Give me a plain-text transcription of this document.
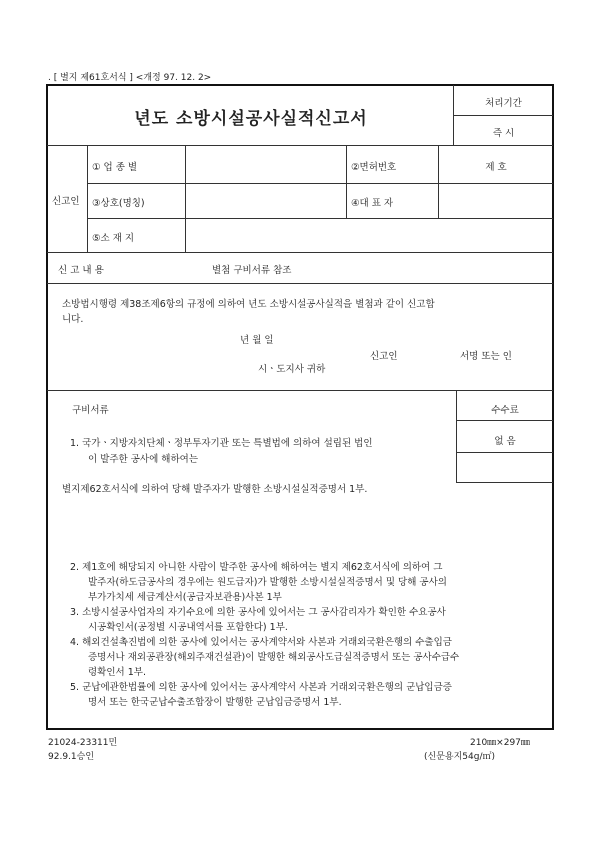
. [ 별지 제61호서식 ] <개정 97. 12. 2>
년도 소방시설공사실적신고서
처리기간
즉 시
신고인
① 업 종 별	②면허번호	제 호
③상호(명칭)	④대 표 자
⑤소 재 지
신 고 내 용	별첨 구비서류 참조
소방법시행령 제38조제6항의 규정에 의하여 년도 소방시설공사실적을 별첨과 같이 신고합
니다.
년 월 일
신고인	서명 또는 인
시ㆍ도지사 귀하
구비서류	수수료
없 음
1. 국가ㆍ지방자치단체ㆍ정부투자기관 또는 특별법에 의하여 설립된 법인
이 발주한 공사에 해하여는
별지제62호서식에 의하여 당해 발주자가 발행한 소방시설실적증명서 1부.
2. 제1호에 해당되지 아니한 사람이 발주한 공사에 해하여는 별지 제62호서식에 의하여 그
발주자(하도급공사의 경우에는 원도급자)가 발행한 소방시설실적증명서 및 당해 공사의
부가가치세 세금계산서(공급자보관용)사본 1부
3. 소방시설공사업자의 자기수요에 의한 공사에 있어서는 그 공사감리자가 확인한 수요공사
시공확인서(공정별 시공내역서를 포함한다) 1부.
4. 해외건설촉진법에 의한 공사에 있어서는 공사계약서와 사본과 거래외국환은행의 수출입금
증명서나 재외공관장(해외주재건설관)이 발행한 해외공사도급실적증명서 또는 공사수급수
령확인서 1부.
5. 군납에관한법률에 의한 공사에 있어서는 공사계약서 사본과 거래외국환은행의 군납입금증
명서 또는 한국군납수출조합장이 발행한 군납입금증명서 1부.
21024-23311민
92.9.1승인
210㎜×297㎜
(신문용지54g/㎡)
